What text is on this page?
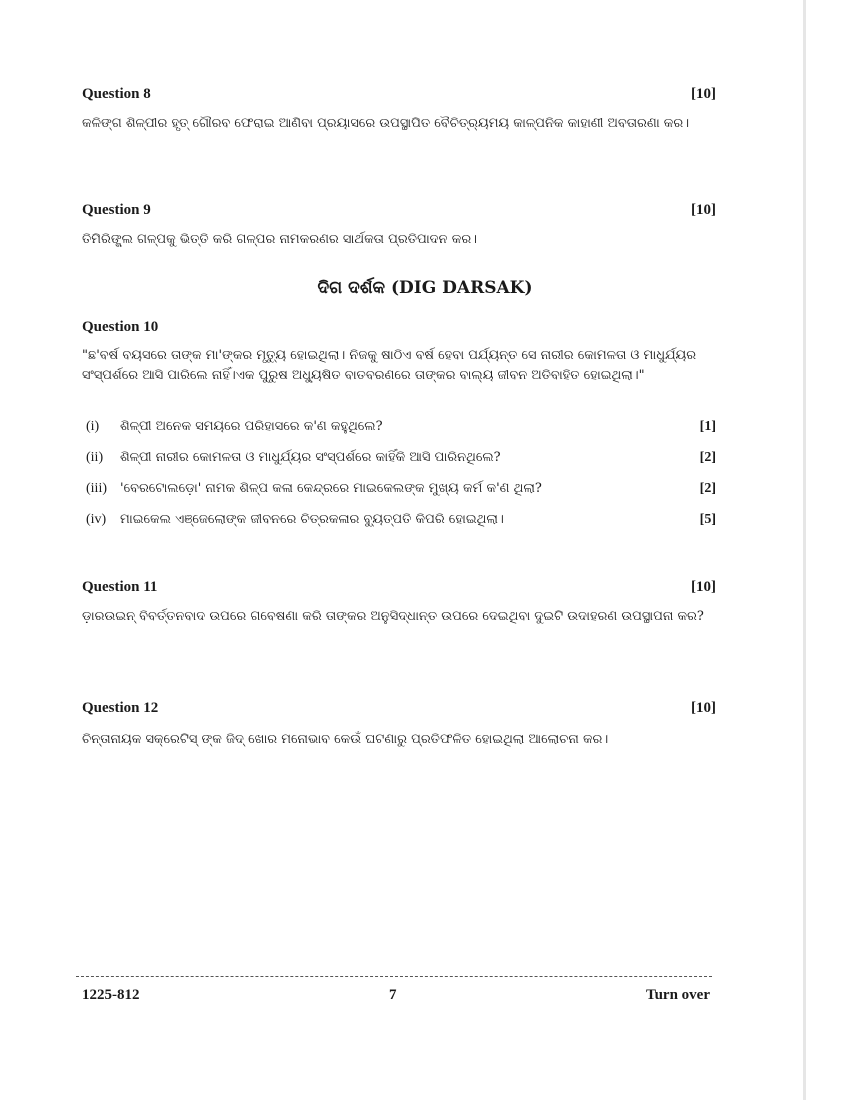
Question 8	[10]
କଳିଙ୍ଗ ଶିଳ୍ପୀର ହୃତ୍ ଗୌରବ ଫେରାଇ ଆଣିବା ପ୍ରୟାସରେ ଉପସ୍ଥାପିତ ବୈଚିତ୍ର୍ୟମୟ କାଳ୍ପନିକ କାହାଣୀ ଅବତାରଣା କର।
Question 9	[10]
ତିମିରିଙ୍ଗ୍ଲ ଗଳ୍ପକୁ ଭିତ୍ତି କରି ଗଳ୍ପର ନାମକରଣର ସାର୍ଥକତା ପ୍ରତିପାଦନ କର।
ଦିଗ ଦର୍ଶକ (DIG DARSAK)
Question 10
"ଛ'ବର୍ଷ ବୟସରେ ତାଙ୍କ ମା'ଙ୍କର ମୃତ୍ୟୁ ହୋଇଥିଲା। ନିଜକୁ ଷାଠିଏ ବର୍ଷ ହେବା ପର୍ଯ୍ୟନ୍ତ ସେ ନାରୀର କୋମଳତା ଓ ମାଧୁର୍ଯ୍ୟର ସଂସ୍ପର୍ଶରେ ଆସି ପାରିଲେ ନାହିଁ।ଏକ ପୁରୁଷ ଅଧ୍ୟୁଷିତ ବାତବରଣରେ ତାଙ୍କର ବାଲ୍ୟ ଜୀବନ ଅତିବାହିତ ହୋଇଥିଲା।"
(i)	ଶିଳ୍ପୀ ଅନେକ ସମୟରେ ପରିହାସରେ କ'ଣ କହୁଥିଲେ?	[1]
(ii)	ଶିଳ୍ପୀ ନାରୀର କୋମଳତା ଓ ମାଧୁର୍ଯ୍ୟର ସଂସ୍ପର୍ଶରେ କାହିଁକି ଆସି ପାରିନଥିଲେ?	[2]
(iii)	'ବେରଟୋଲଡ଼ୋ' ନାମକ ଶିଳ୍ପ କଳା କେନ୍ଦ୍ରରେ ମାଇକେଲଙ୍କ ମୁଖ୍ୟ କର୍ମ କ'ଣ ଥିଲା?	[2]
(iv)	ମାଇକେଲ ଏଞ୍ଜେଲୋଙ୍କ ଜୀବନରେ ଚିତ୍ରକଳାର ବ୍ୟୁତ୍ପତି କିପରି ହୋଇଥିଲା।	[5]
Question 11	[10]
ଡ଼ାରଉଇନ୍ ବିବର୍ତ୍ତନବାଦ ଉପରେ ଗବେଷଣା କରି ତାଙ୍କର ଅନୁସିଦ୍ଧାନ୍ତ ଉପରେ ଦେଇଥିବା ଦୁଇଟି ଉଦାହରଣ ଉପସ୍ଥାପନା କର?
Question 12	[10]
ଚିନ୍ତାନାୟକ ସକ୍ରେଟିସ୍ ଙ୍କ ଜିଦ୍ ଖୋର ମନୋଭାବ କେଉଁ ଘଟଣାରୁ ପ୍ରତିଫଳିତ ହୋଇଥିଲା ଆଲୋଚନା କର।
1225-812	7	Turn over
